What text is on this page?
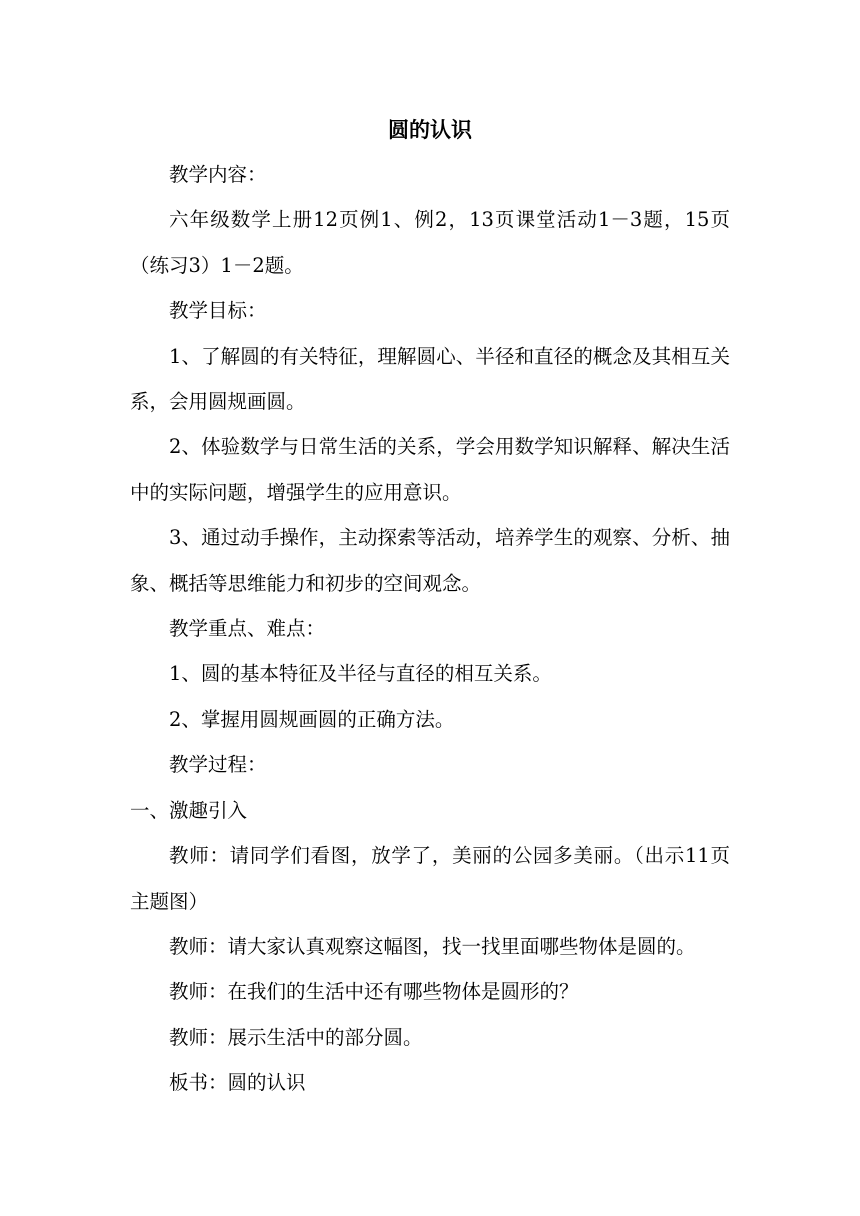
圆的认识

教学内容：

六年级数学上册12页例1、例2，13页课堂活动1－3题，15页（练习3）1－2题。

教学目标：

1、了解圆的有关特征，理解圆心、半径和直径的概念及其相互关系，会用圆规画圆。

2、体验数学与日常生活的关系，学会用数学知识解释、解决生活中的实际问题，增强学生的应用意识。

3、通过动手操作，主动探索等活动，培养学生的观察、分析、抽象、概括等思维能力和初步的空间观念。

教学重点、难点：

1、圆的基本特征及半径与直径的相互关系。

2、掌握用圆规画圆的正确方法。

教学过程：

一、激趣引入

教师：请同学们看图，放学了，美丽的公园多美丽。（出示11页主题图）

教师：请大家认真观察这幅图，找一找里面哪些物体是圆的。

教师：在我们的生活中还有哪些物体是圆形的？

教师：展示生活中的部分圆。

板书：圆的认识
